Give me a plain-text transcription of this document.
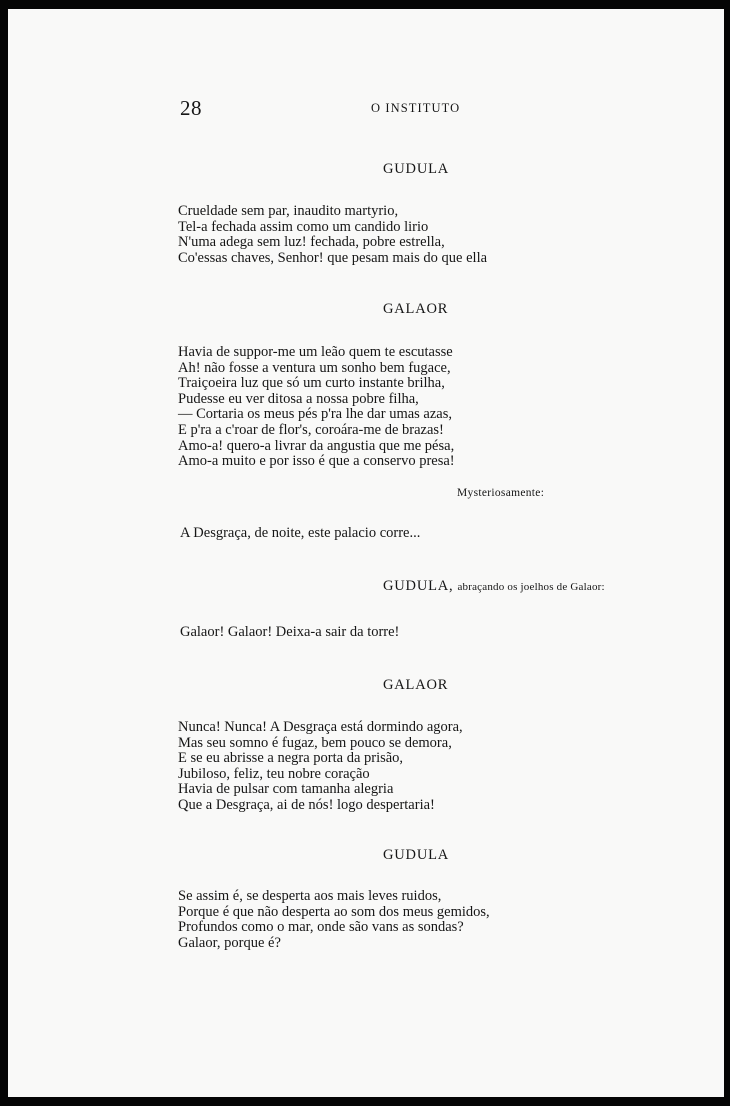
28	O INSTITUTO
GUDULA
Crueldade sem par, inaudito martyrio,
Tel-a fechada assim como um candido lirio
N'uma adega sem luz! fechada, pobre estrella,
Co'essas chaves, Senhor! que pesam mais do que ella
GALAOR
Havia de suppor-me um leão quem te escutasse
Ah! não fosse a ventura um sonho bem fugace,
Traiçoeira luz que só um curto instante brilha,
Pudesse eu ver ditosa a nossa pobre filha,
— Cortaria os meus pés p'ra lhe dar umas azas,
E p'ra a c'roar de flor's, coroára-me de brazas!
Amo-a! quero-a livrar da angustia que me pésa,
Amo-a muito e por isso é que a conservo presa!
Mysteriosamente:
A Desgraça, de noite, este palacio corre...
GUDULA, abraçando os joelhos de Galaor:
Galaor! Galaor! Deixa-a sair da torre!
GALAOR
Nunca! Nunca! A Desgraça está dormindo agora,
Mas seu somno é fugaz, bem pouco se demora,
E se eu abrisse a negra porta da prisão,
Jubiloso, feliz, teu nobre coração
Havia de pulsar com tamanha alegria
Que a Desgraça, ai de nós! logo despertaria!
GUDULA
Se assim é, se desperta aos mais leves ruidos,
Porque é que não desperta ao som dos meus gemidos,
Profundos como o mar, onde são vans as sondas?
Galaor, porque é?
